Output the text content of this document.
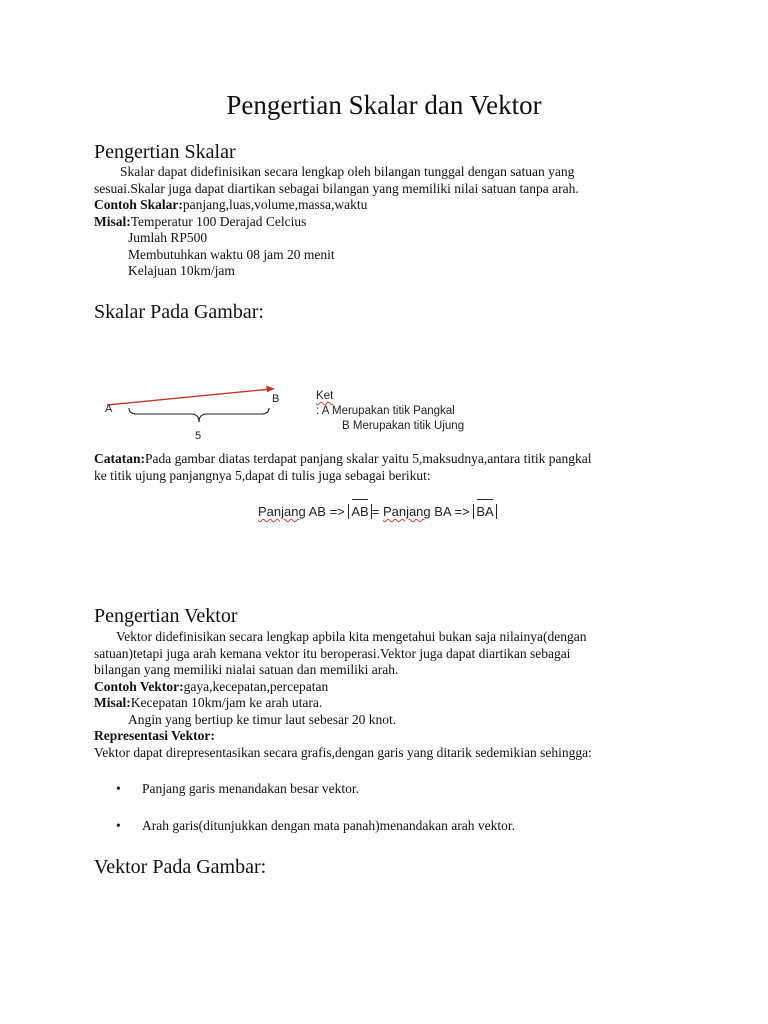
Pengertian Skalar dan Vektor
Pengertian Skalar
Skalar dapat didefinisikan secara lengkap oleh bilangan tunggal dengan satuan yang
sesuai.Skalar juga dapat diartikan sebagai bilangan yang memiliki nilai satuan tanpa arah.
Contoh Skalar:panjang,luas,volume,massa,waktu
Misal:Temperatur 100 Derajad Celcius
Jumlah RP500
Membutuhkan waktu 08 jam 20 menit
Kelajuan 10km/jam
Skalar Pada Gambar:
A
B
5
Ket
: A Merupakan titik Pangkal
B Merupakan titik Ujung
Catatan:Pada gambar diatas terdapat panjang skalar yaitu 5,maksudnya,antara titik pangkal
ke titik ujung panjangnya 5,dapat di tulis juga sebagai berikut:
Panjang AB => AB = Panjang BA => BA
Pengertian Vektor
Vektor didefinisikan secara lengkap apbila kita mengetahui bukan saja nilainya(dengan
satuan)tetapi juga arah kemana vektor itu beroperasi.Vektor juga dapat diartikan sebagai
bilangan yang memiliki nialai satuan dan memiliki arah.
Contoh Vektor:gaya,kecepatan,percepatan
Misal:Kecepatan 10km/jam ke arah utara.
Angin yang bertiup ke timur laut sebesar 20 knot.
Representasi Vektor:
Vektor dapat direpresentasikan secara grafis,dengan garis yang ditarik sedemikian sehingga:
• Panjang garis menandakan besar vektor.
• Arah garis(ditunjukkan dengan mata panah)menandakan arah vektor.
Vektor Pada Gambar:
